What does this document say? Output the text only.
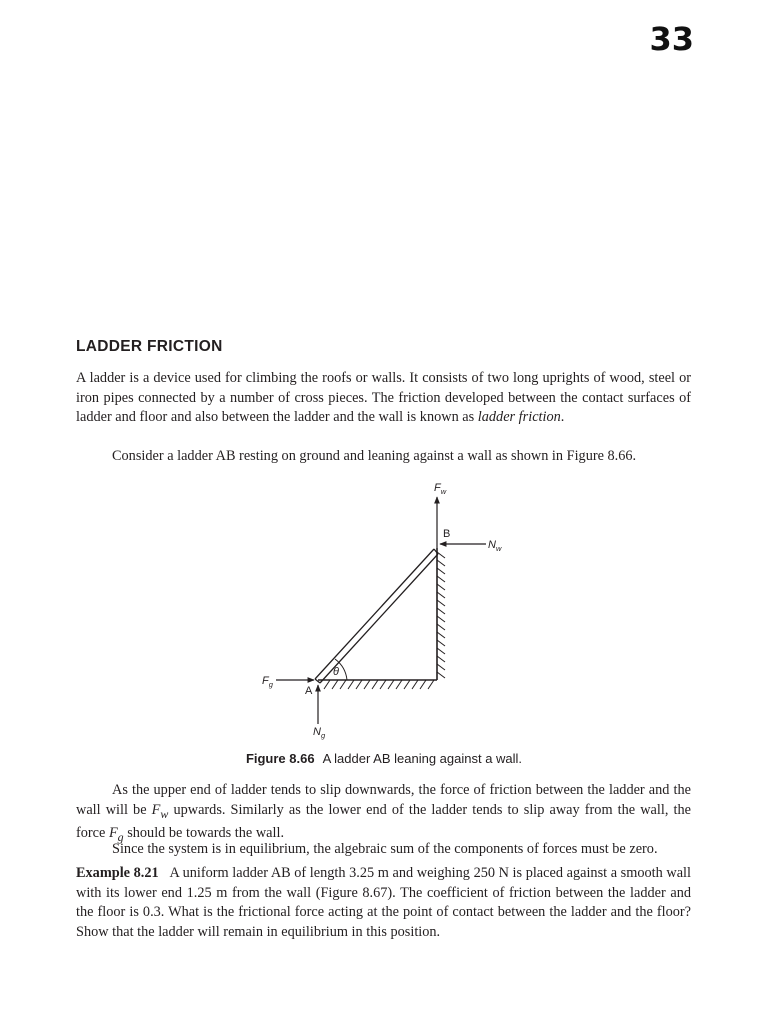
33
LADDER FRICTION

A ladder is a device used for climbing the roofs or walls. It consists of two long uprights of wood, steel or iron pipes connected by a number of cross pieces. The friction developed between the contact surfaces of ladder and floor and also between the ladder and the wall is known as ladder friction.

Consider a ladder AB resting on ground and leaning against a wall as shown in Figure 8.66.

θ
$F_w$
B
$N_w$
$F_g$
A
$N_g$
Figure 8.66 A ladder AB leaning against a wall.

As the upper end of ladder tends to slip downwards, the force of friction between the ladder and the wall will be $F_w$ upwards. Similarly as the lower end of the ladder tends to slip away from the wall, the force $F_g$ should be towards the wall.

Since the system is in equilibrium, the algebraic sum of the components of forces must be zero.

Example 8.21 A uniform ladder AB of length 3.25 m and weighing 250 N is placed against a smooth wall with its lower end 1.25 m from the wall (Figure 8.67). The coefficient of friction between the ladder and the floor is 0.3. What is the frictional force acting at the point of contact between the ladder and the floor? Show that the ladder will remain in equilibrium in this position.
